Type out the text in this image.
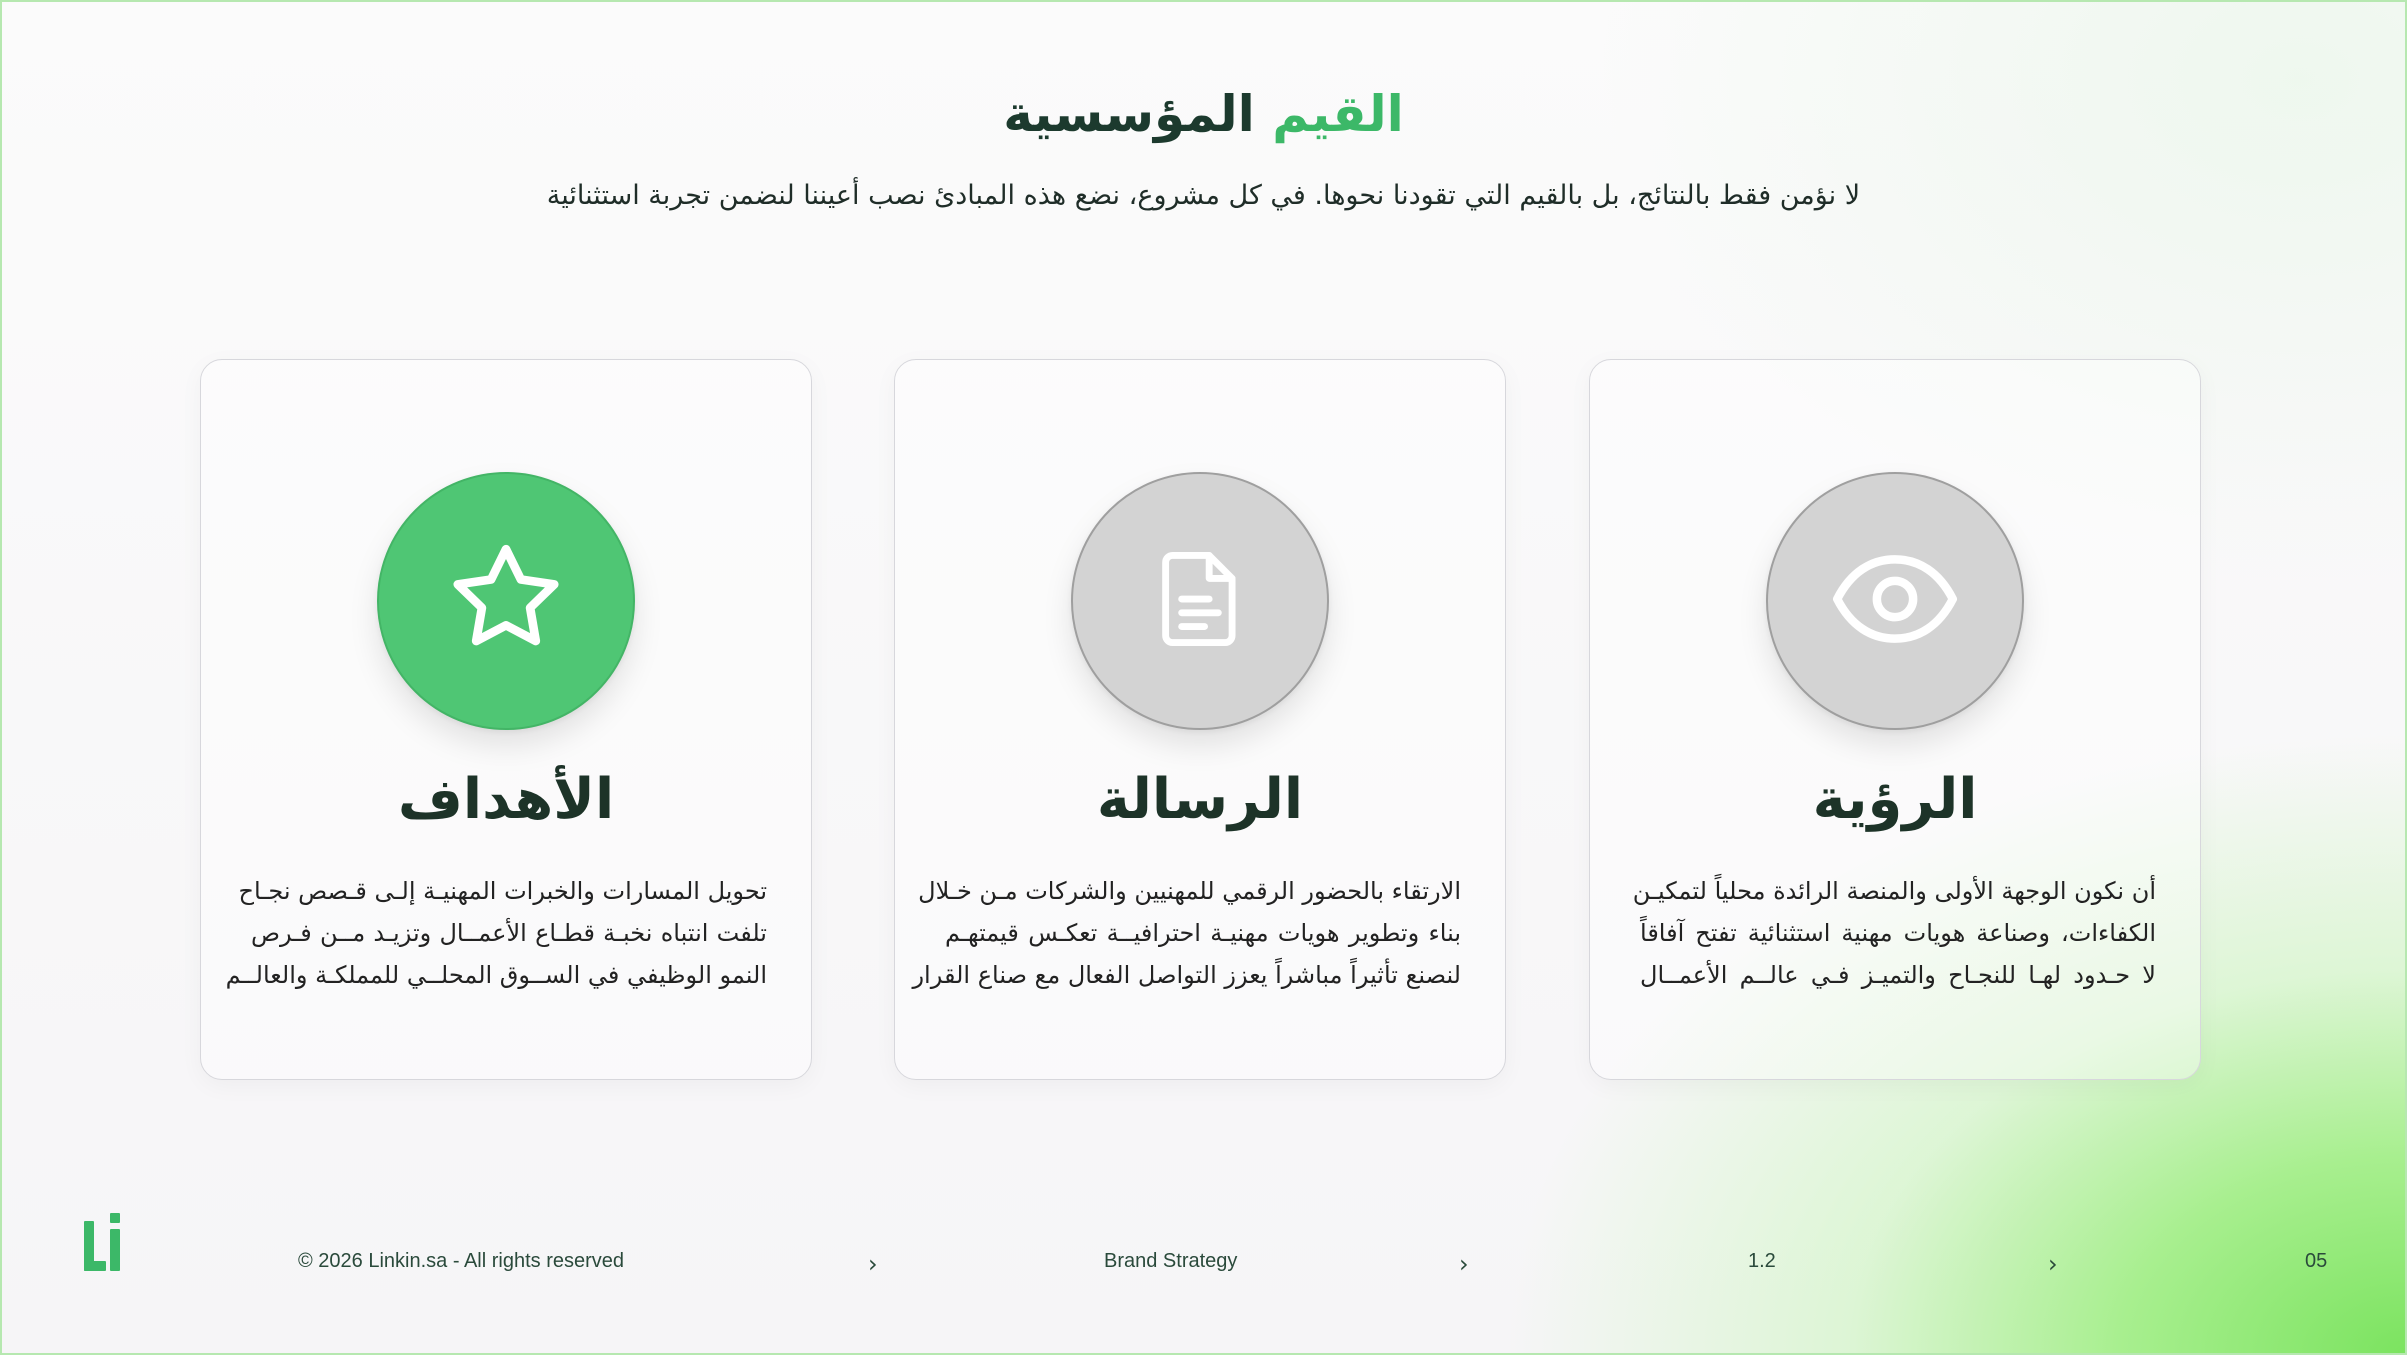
القيم المؤسسية
لا نؤمن فقط بالنتائج، بل بالقيم التي تقودنا نحوها. في كل مشروع، نضع هذه المبادئ نصب أعيننا لنضمن تجربة استثنائية
الأهداف
تحويل المسارات والخبرات المهنيـة إلـى قـصص نجـاح
تلفت انتباه نخبـة قطـاع الأعمــال وتزيـد مــن فـرص
النمو الوظيفي في الســوق المحلــي للمملكـة والعالــم
الرسالة
الارتقاء بالحضور الرقمي للمهنيين والشركات مـن خـلال
بناء وتطوير هويات مهنيـة احترافيــة تعكـس قيمتهـم
لنصنع تأثيراً مباشراً يعزز التواصل الفعال مع صناع القرار
الرؤية
أن نكون الوجهة الأولى والمنصة الرائدة محلياً لتمكيـن
الكفاءات، وصناعة هويات مهنية استثنائية تفتح آفاقاً
لا حـدود لهـا للنجـاح والتميـز فـي عالــم الأعمــال
© 2026 Linkin.sa - All rights reserved	›	Brand Strategy	›	1.2	›	05
